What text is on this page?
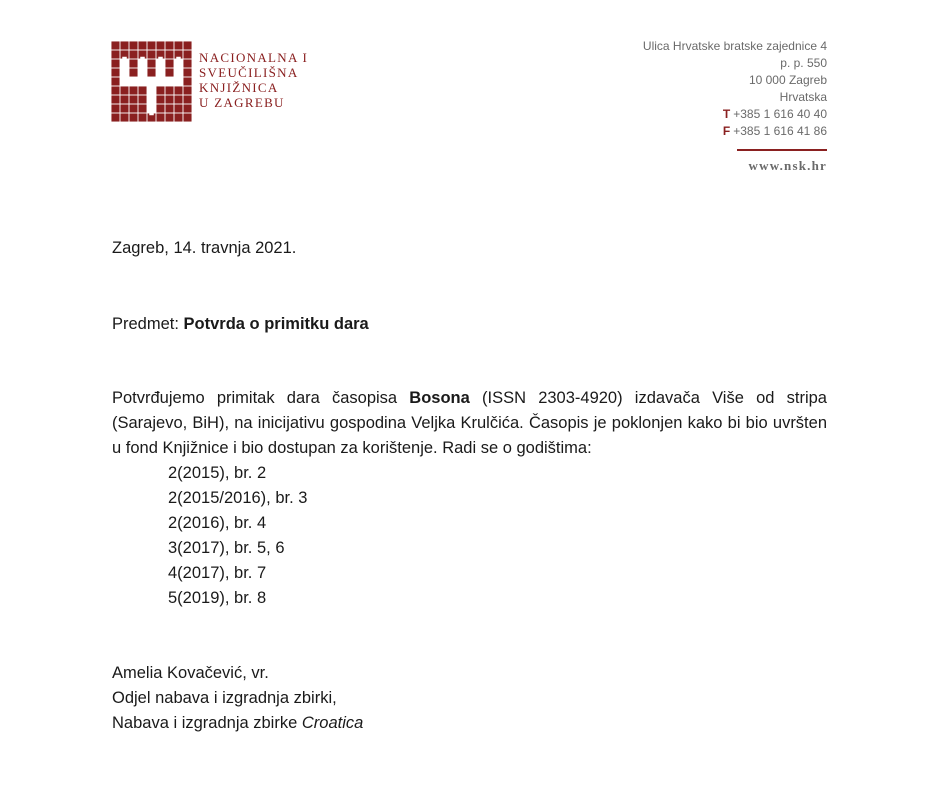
NACIONALNA I
SVEUČILIŠNA
KNJIŽNICA
U ZAGREBU
Ulica Hrvatske bratske zajednice 4
p. p. 550
10 000 Zagreb
Hrvatska
T +385 1 616 40 40
F +385 1 616 41 86
www.nsk.hr
Zagreb, 14. travnja 2021.
Predmet: Potvrda o primitku dara
Potvrđujemo primitak dara časopisa Bosona (ISSN 2303-4920) izdavača Više od stripa (Sarajevo, BiH), na inicijativu gospodina Veljka Krulčića. Časopis je poklonjen kako bi bio uvršten u fond Knjižnice i bio dostupan za korištenje. Radi se o godištima:
2(2015), br. 2
2(2015/2016), br. 3
2(2016), br. 4
3(2017), br. 5, 6
4(2017), br. 7
5(2019), br. 8
Amelia Kovačević, vr.
Odjel nabava i izgradnja zbirki,
Nabava i izgradnja zbirke Croatica
